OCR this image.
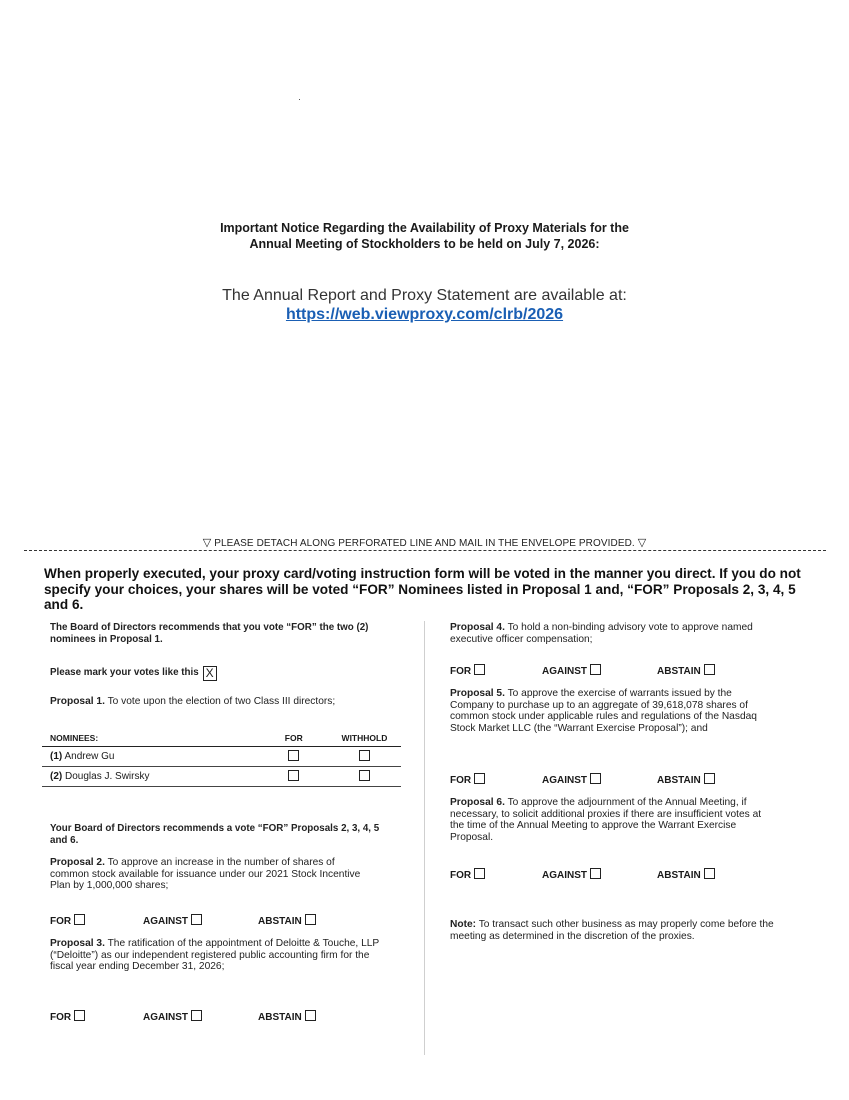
Important Notice Regarding the Availability of Proxy Materials for the
Annual Meeting of Stockholders to be held on July 7, 2026:
The Annual Report and Proxy Statement are available at:
https://web.viewproxy.com/clrb/2026
▽ PLEASE DETACH ALONG PERFORATED LINE AND MAIL IN THE ENVELOPE PROVIDED. ▽
When properly executed, your proxy card/voting instruction form will be voted in the manner you direct. If you do not specify your choices, your shares will be voted “FOR” Nominees listed in Proposal 1 and, “FOR” Proposals 2, 3, 4, 5 and 6.
The Board of Directors recommends that you vote “FOR” the two (2) nominees in Proposal 1.
Please mark your votes like this X
Proposal 1. To vote upon the election of two Class III directors;
NOMINEES:	FOR	WITHHOLD
(1) Andrew Gu		
(2) Douglas J. Swirsky		
Your Board of Directors recommends a vote “FOR” Proposals 2, 3, 4, 5 and 6.
Proposal 2. To approve an increase in the number of shares of common stock available for issuance under our 2021 Stock Incentive Plan by 1,000,000 shares;
FOR	AGAINST	ABSTAIN
Proposal 3. The ratification of the appointment of Deloitte & Touche, LLP (“Deloitte”) as our independent registered public accounting firm for the fiscal year ending December 31, 2026;
FOR	AGAINST	ABSTAIN
Proposal 4. To hold a non-binding advisory vote to approve named executive officer compensation;
FOR	AGAINST	ABSTAIN
Proposal 5. To approve the exercise of warrants issued by the Company to purchase up to an aggregate of 39,618,078 shares of common stock under applicable rules and regulations of the Nasdaq Stock Market LLC (the “Warrant Exercise Proposal”); and
FOR	AGAINST	ABSTAIN
Proposal 6. To approve the adjournment of the Annual Meeting, if necessary, to solicit additional proxies if there are insufficient votes at the time of the Annual Meeting to approve the Warrant Exercise Proposal.
FOR	AGAINST	ABSTAIN
Note: To transact such other business as may properly come before the meeting as determined in the discretion of the proxies.
